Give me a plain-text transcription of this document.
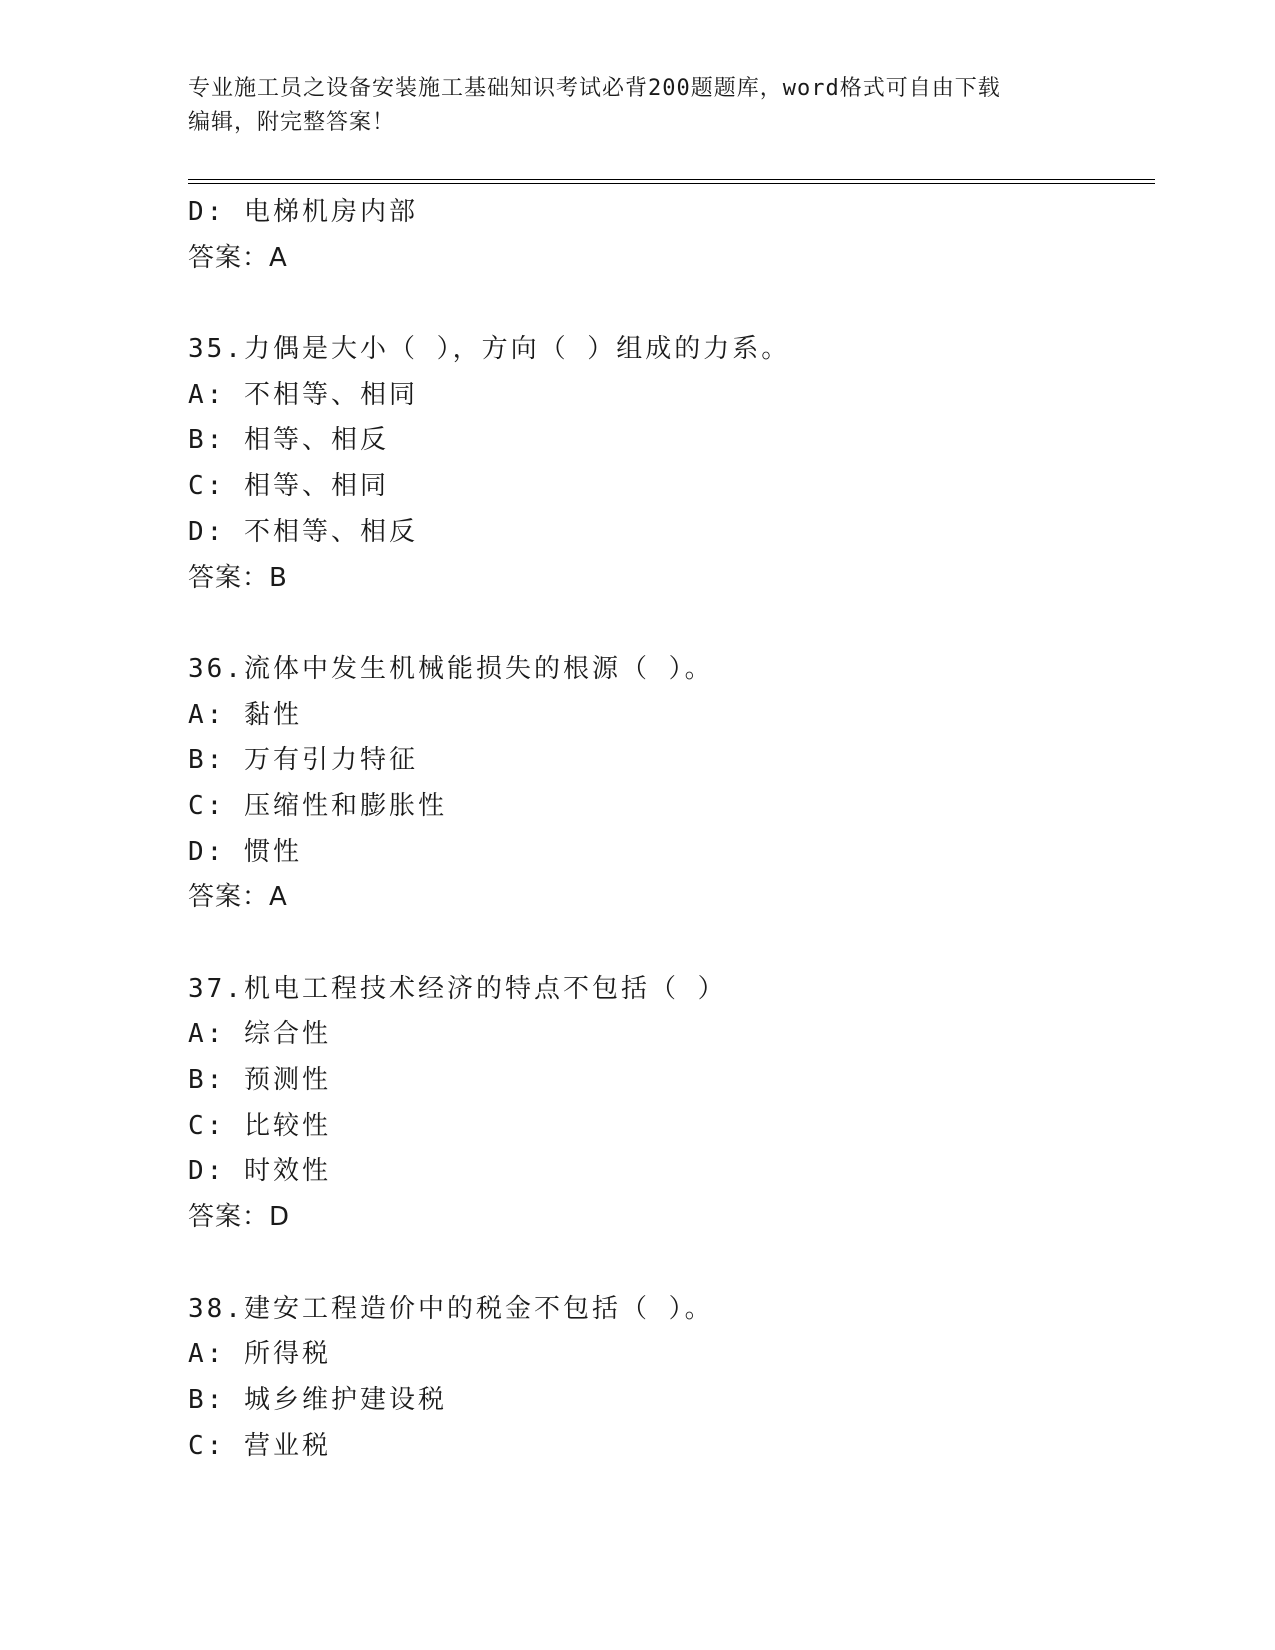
专业施工员之设备安装施工基础知识考试必背200题题库，word格式可自由下载
编辑，附完整答案！
D: 电梯机房内部
答案：A
35.力偶是大小（ ），方向（ ）组成的力系。
A: 不相等、相同
B: 相等、相反
C: 相等、相同
D: 不相等、相反
答案：B
36.流体中发生机械能损失的根源（ ）。
A: 黏性
B: 万有引力特征
C: 压缩性和膨胀性
D: 惯性
答案：A
37.机电工程技术经济的特点不包括（ ）
A: 综合性
B: 预测性
C: 比较性
D: 时效性
答案：D
38.建安工程造价中的税金不包括（ ）。
A: 所得税
B: 城乡维护建设税
C: 营业税
